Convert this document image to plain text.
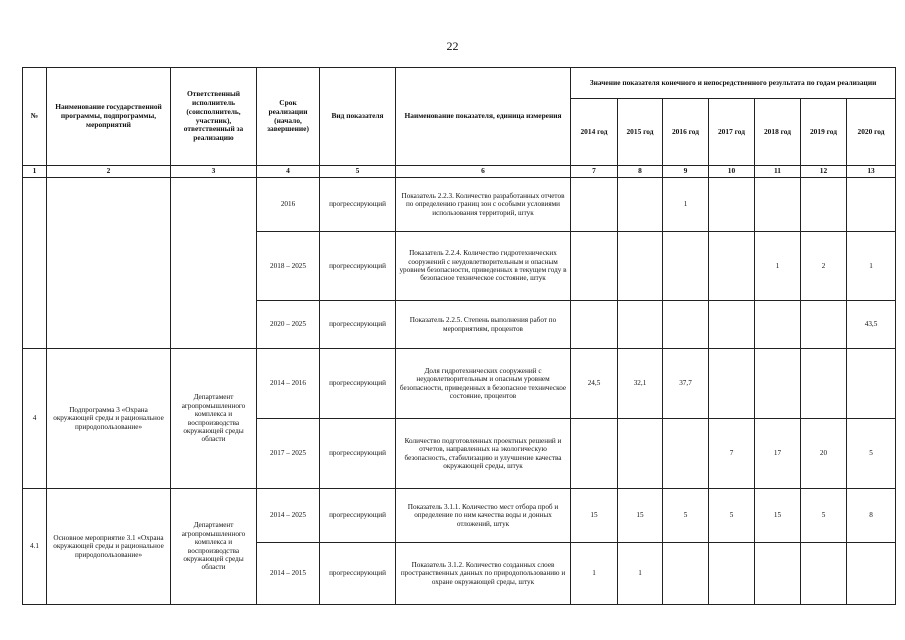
22
№	Наименование государственной программы, подпрограммы, мероприятий	Ответственный исполнитель (соисполнитель, участник), ответственный за реализацию	Срок реализации (начало, завершение)	Вид показателя	Наименование показателя, единица измерения	Значение показателя конечного и непосредственного результата по годам реализации						
						2014 год	2015 год	2016 год	2017 год	2018 год	2019 год	2020 год
1	2	3	4	5	6	7	8	9	10	11	12	13
			2016	прогрессирующий	Показатель 2.2.3. Количество разработанных отчетов по определению границ зон с особыми условиями использования территорий, штук			1				
			2018 – 2025	прогрессирующий	Показатель 2.2.4. Количество гидротехнических сооружений с неудовлетворительным и опасным уровнем безопасности, приведенных в текущем году в безопасное техническое состояние, штук					1	2	1
			2020 – 2025	прогрессирующий	Показатель 2.2.5. Степень выполнения работ по мероприятиям, процентов							43,5
4	Подпрограмма 3 «Охрана окружающей среды и рациональное природопользование»	Департамент агропромышленного комплекса и воспроизводства окружающей среды области	2014 – 2016	прогрессирующий	Доля гидротехнических сооружений с неудовлетворительным и опасным уровнем безопасности, приведенных в безопасное техническое состояние, процентов	24,5	32,1	37,7				
			2017 – 2025	прогрессирующий	Количество подготовленных проектных решений и отчетов, направленных на экологическую безопасность, стабилизацию и улучшение качества окружающей среды, штук				7	17	20	5
4.1	Основное мероприятие 3.1 «Охрана окружающей среды и рациональное природопользование»	Департамент агропромышленного комплекса и воспроизводства окружающей среды области	2014 – 2025	прогрессирующий	Показатель 3.1.1. Количество мест отбора проб и определение по ним качества воды и донных отложений, штук	15	15	5	5	15	5	8
			2014 – 2015	прогрессирующий	Показатель 3.1.2. Количество созданных слоев пространственных данных по природопользованию и охране окружающей среды, штук	1	1					
